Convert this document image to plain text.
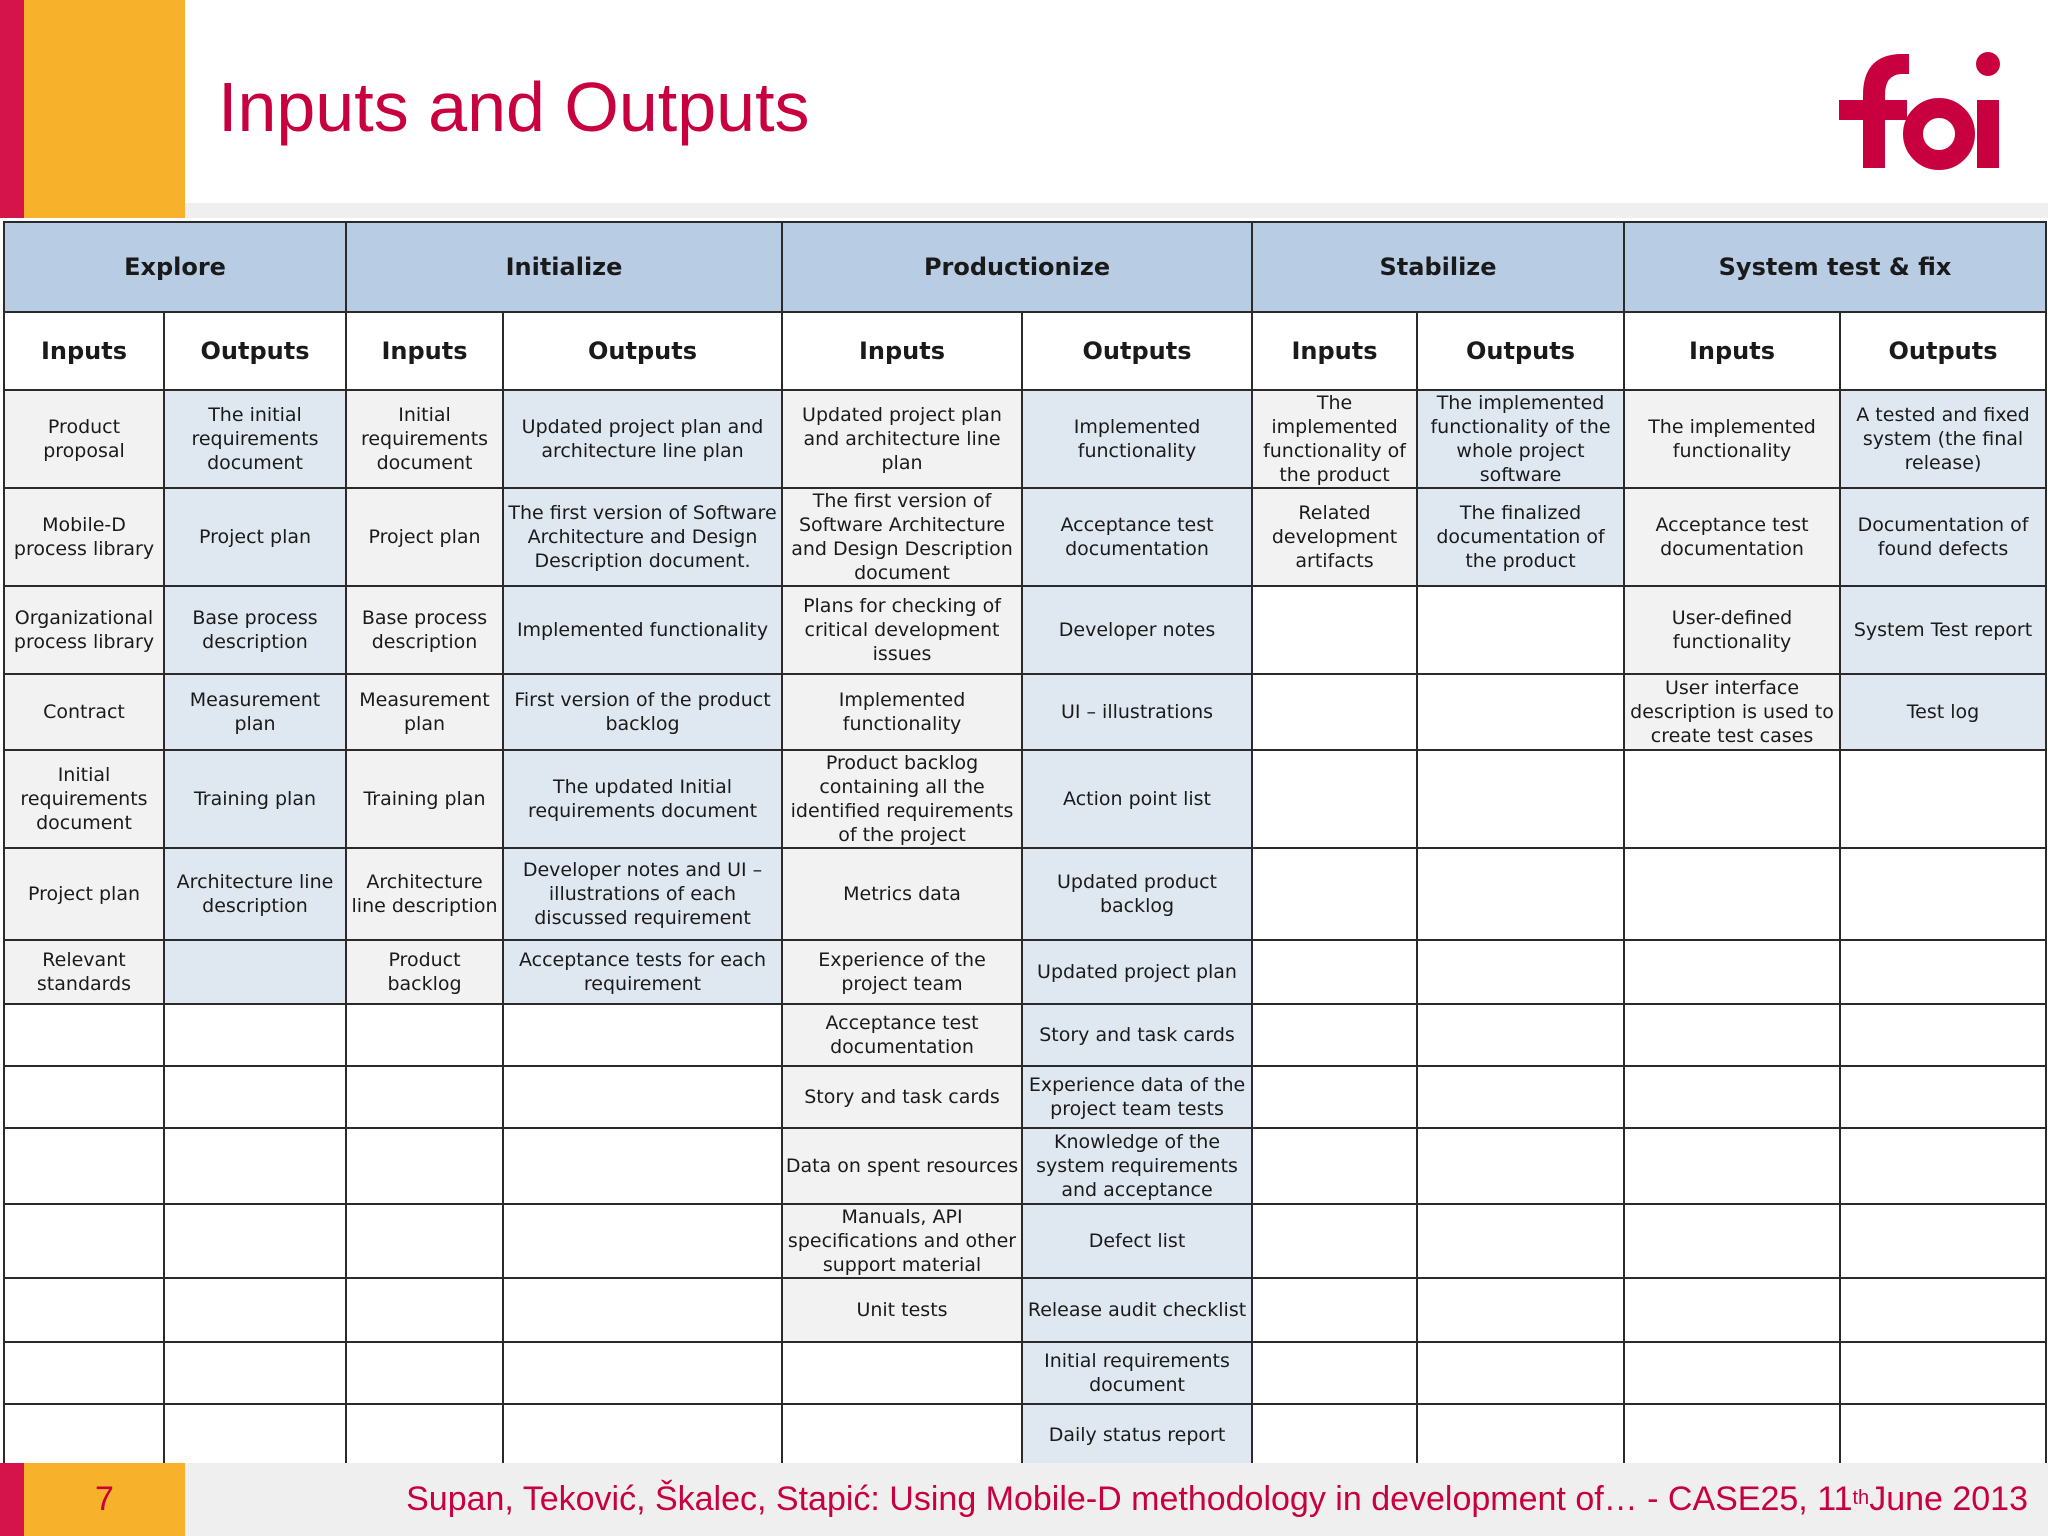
Inputs and Outputs
Explore		Initialize		Productionize		Stabilize		System test & fix	
Inputs	Outputs	Inputs	Outputs	Inputs	Outputs	Inputs	Outputs	Inputs	Outputs
Product proposal	The initial requirements document	Initial requirements document	Updated project plan and architecture line plan	Updated project plan and architecture line plan	Implemented functionality	The implemented functionality of the product	The implemented functionality of the whole project software	The implemented functionality	A tested and fixed system (the final release)
Mobile-D process library	Project plan	Project plan	The first version of Software Architecture and Design Description document.	The first version of Software Architecture and Design Description document	Acceptance test documentation	Related development artifacts	The finalized documentation of the product	Acceptance test documentation	Documentation of found defects
Organizational process library	Base process description	Base process description	Implemented functionality	Plans for checking of critical development issues	Developer notes			User-defined functionality	System Test report
Contract	Measurement plan	Measurement plan	First version of the product backlog	Implemented functionality	UI – illustrations			User interface description is used to create test cases	Test log
Initial requirements document	Training plan	Training plan	The updated Initial requirements document	Product backlog containing all the identified requirements of the project	Action point list				
Project plan	Architecture line description	Architecture line description	Developer notes and UI – illustrations of each discussed requirement	Metrics data	Updated product backlog				
Relevant standards		Product backlog	Acceptance tests for each requirement	Experience of the project team	Updated project plan				
				Acceptance test documentation	Story and task cards				
				Story and task cards	Experience data of the project team tests				
				Data on spent resources	Knowledge of the system requirements and acceptance				
				Manuals, API specifications and other support material	Defect list				
				Unit tests	Release audit checklist				
					Initial requirements document				
					Daily status report				
7	Supan, Teković, Škalec, Stapić: Using Mobile-D methodology in development of… - CASE25, 11th June 2013
